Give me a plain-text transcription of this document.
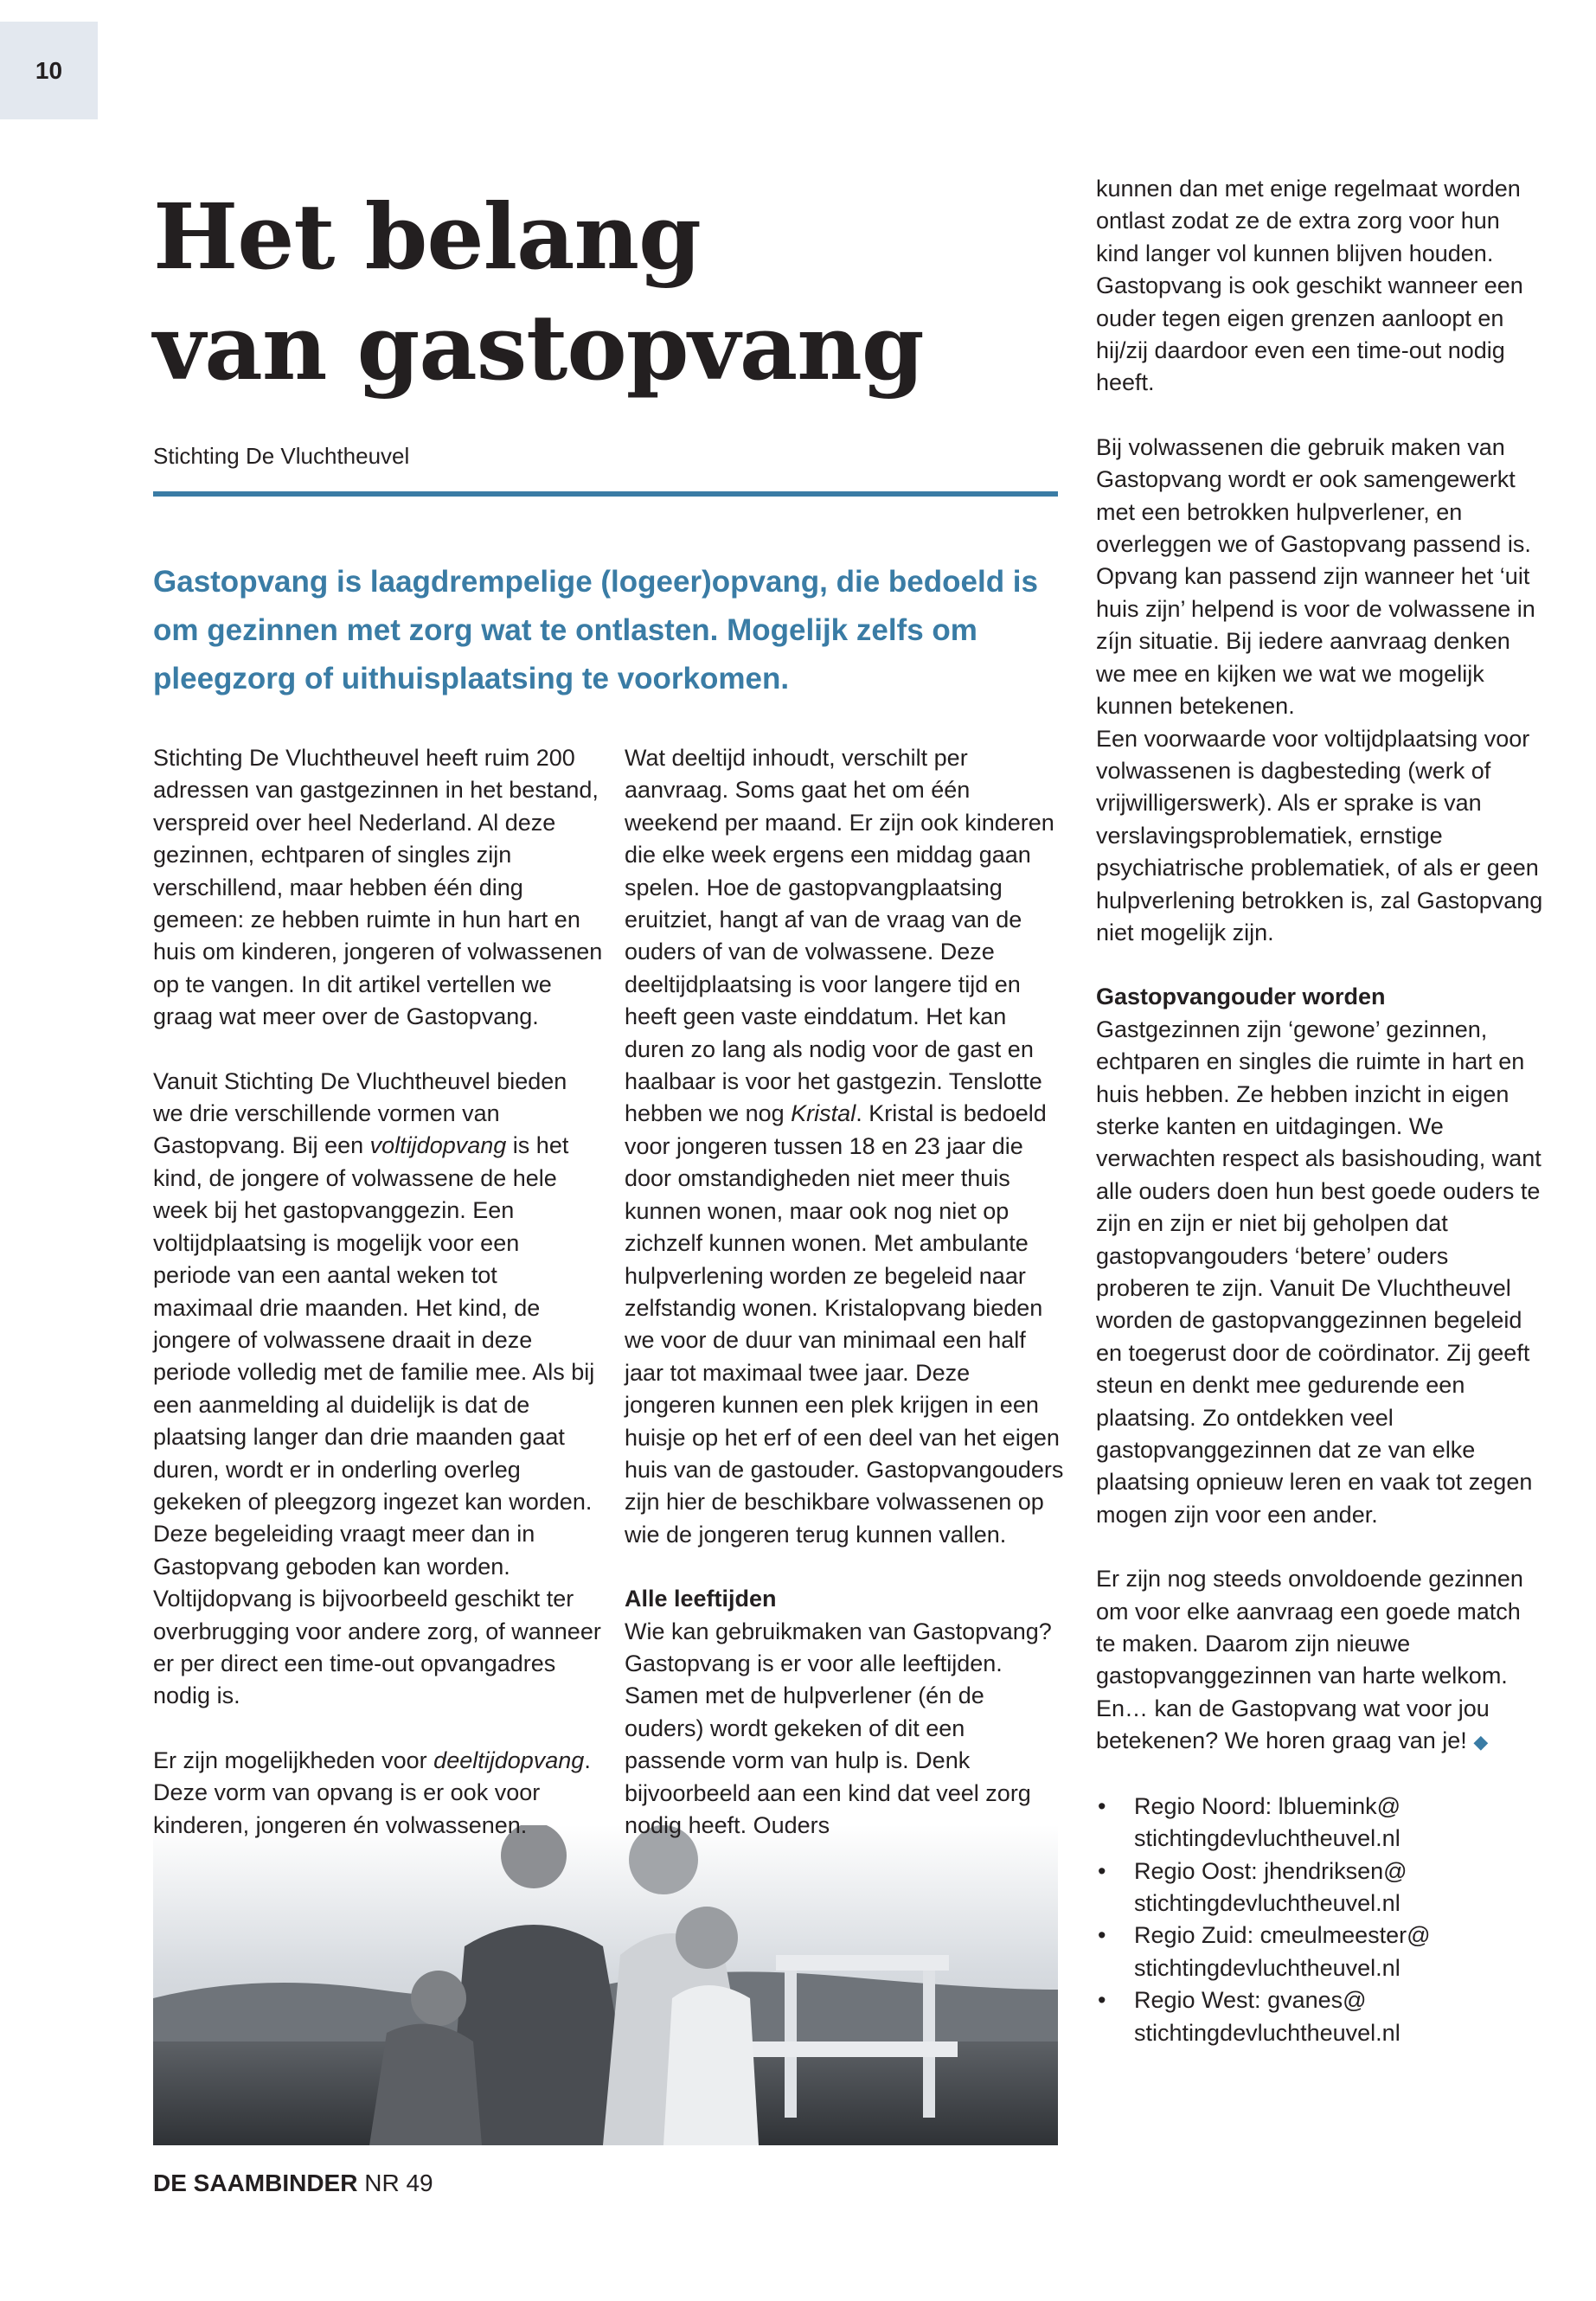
10
Het belang
van gastopvang
Stichting De Vluchtheuvel
Gastopvang is laagdrempelige (logeer)opvang, die bedoeld is om gezinnen met zorg wat te ontlasten. Mogelijk zelfs om pleegzorg of uithuisplaatsing te voorkomen.

Stichting De Vluchtheuvel heeft ruim 200 adressen van gastgezinnen in het bestand, verspreid over heel Nederland. Al deze gezinnen, echtparen of singles zijn verschillend, maar hebben één ding gemeen: ze hebben ruimte in hun hart en huis om kinderen, jongeren of volwassenen op te vangen. In dit artikel vertellen we graag wat meer over de Gastopvang.

Vanuit Stichting De Vluchtheuvel bieden we drie verschillende vormen van Gastopvang. Bij een voltijdopvang is het kind, de jongere of volwassene de hele week bij het gastopvanggezin. Een voltijdplaatsing is mogelijk voor een periode van een aantal weken tot maximaal drie maanden. Het kind, de jongere of volwassene draait in deze periode volledig met de familie mee. Als bij een aanmelding al duidelijk is dat de plaatsing langer dan drie maanden gaat duren, wordt er in onderling overleg gekeken of pleegzorg ingezet kan worden. Deze begeleiding vraagt meer dan in Gastopvang geboden kan worden. Voltijdopvang is bijvoorbeeld geschikt ter overbrugging voor andere zorg, of wanneer er per direct een time-out opvangadres nodig is.

Er zijn mogelijkheden voor deeltijdopvang. Deze vorm van opvang is er ook voor kinderen, jongeren én volwassenen.

Wat deeltijd inhoudt, verschilt per aanvraag. Soms gaat het om één weekend per maand. Er zijn ook kinderen die elke week ergens een middag gaan spelen. Hoe de gastopvangplaatsing eruitziet, hangt af van de vraag van de ouders of van de volwassene. Deze deeltijdplaatsing is voor langere tijd en heeft geen vaste einddatum. Het kan duren zo lang als nodig voor de gast en haalbaar is voor het gastgezin. Tenslotte hebben we nog Kristal. Kristal is bedoeld voor jongeren tussen 18 en 23 jaar die door omstandigheden niet meer thuis kunnen wonen, maar ook nog niet op zichzelf kunnen wonen. Met ambulante hulpverlening worden ze begeleid naar zelfstandig wonen. Kristalopvang bieden we voor de duur van minimaal een half jaar tot maximaal twee jaar. Deze jongeren kunnen een plek krijgen in een huisje op het erf of een deel van het eigen huis van de gastouder. Gastopvangouders zijn hier de beschikbare volwassenen op wie de jongeren terug kunnen vallen.

Alle leeftijden

Wie kan gebruikmaken van Gastopvang? Gastopvang is er voor alle leeftijden. Samen met de hulpverlener (én de ouders) wordt gekeken of dit een passende vorm van hulp is. Denk bijvoorbeeld aan een kind dat veel zorg nodig heeft. Ouders

kunnen dan met enige regelmaat worden ontlast zodat ze de extra zorg voor hun kind langer vol kunnen blijven houden. Gastopvang is ook geschikt wanneer een ouder tegen eigen grenzen aanloopt en hij/zij daardoor even een time-out nodig heeft.

Bij volwassenen die gebruik maken van Gastopvang wordt er ook samengewerkt met een betrokken hulpverlener, en overleggen we of Gastopvang passend is. Opvang kan passend zijn wanneer het ‘uit huis zijn’ helpend is voor de volwassene in zíjn situatie. Bij iedere aanvraag denken we mee en kijken we wat we mogelijk kunnen betekenen.

Een voorwaarde voor voltijdplaatsing voor volwassenen is dagbesteding (werk of vrijwilligerswerk). Als er sprake is van verslavingsproblematiek, ernstige psychiatrische problematiek, of als er geen hulpverlening betrokken is, zal Gastopvang niet mogelijk zijn.

Gastopvangouder worden

Gastgezinnen zijn ‘gewone’ gezinnen, echtparen en singles die ruimte in hart en huis hebben. Ze hebben inzicht in eigen sterke kanten en uitdagingen. We verwachten respect als basishouding, want alle ouders doen hun best goede ouders te zijn en zijn er niet bij geholpen dat gastopvangouders ‘betere’ ouders proberen te zijn. Vanuit De Vluchtheuvel worden de gastopvanggezinnen begeleid en toegerust door de coördinator. Zij geeft steun en denkt mee gedurende een plaatsing. Zo ontdekken veel gastopvanggezinnen dat ze van elke plaatsing opnieuw leren en vaak tot zegen mogen zijn voor een ander.

Er zijn nog steeds onvoldoende gezinnen om voor elke aanvraag een goede match te maken. Daarom zijn nieuwe gastopvanggezinnen van harte welkom.

En… kan de Gastopvang wat voor jou betekenen? We horen graag van je! ◆

• Regio Noord: lbluemink@
stichtingdevluchtheuvel.nl
• Regio Oost: jhendriksen@
stichtingdevluchtheuvel.nl
• Regio Zuid: cmeulmeester@
stichtingdevluchtheuvel.nl
• Regio West: gvanes@
stichtingdevluchtheuvel.nl
DE SAAMBINDER NR 49
